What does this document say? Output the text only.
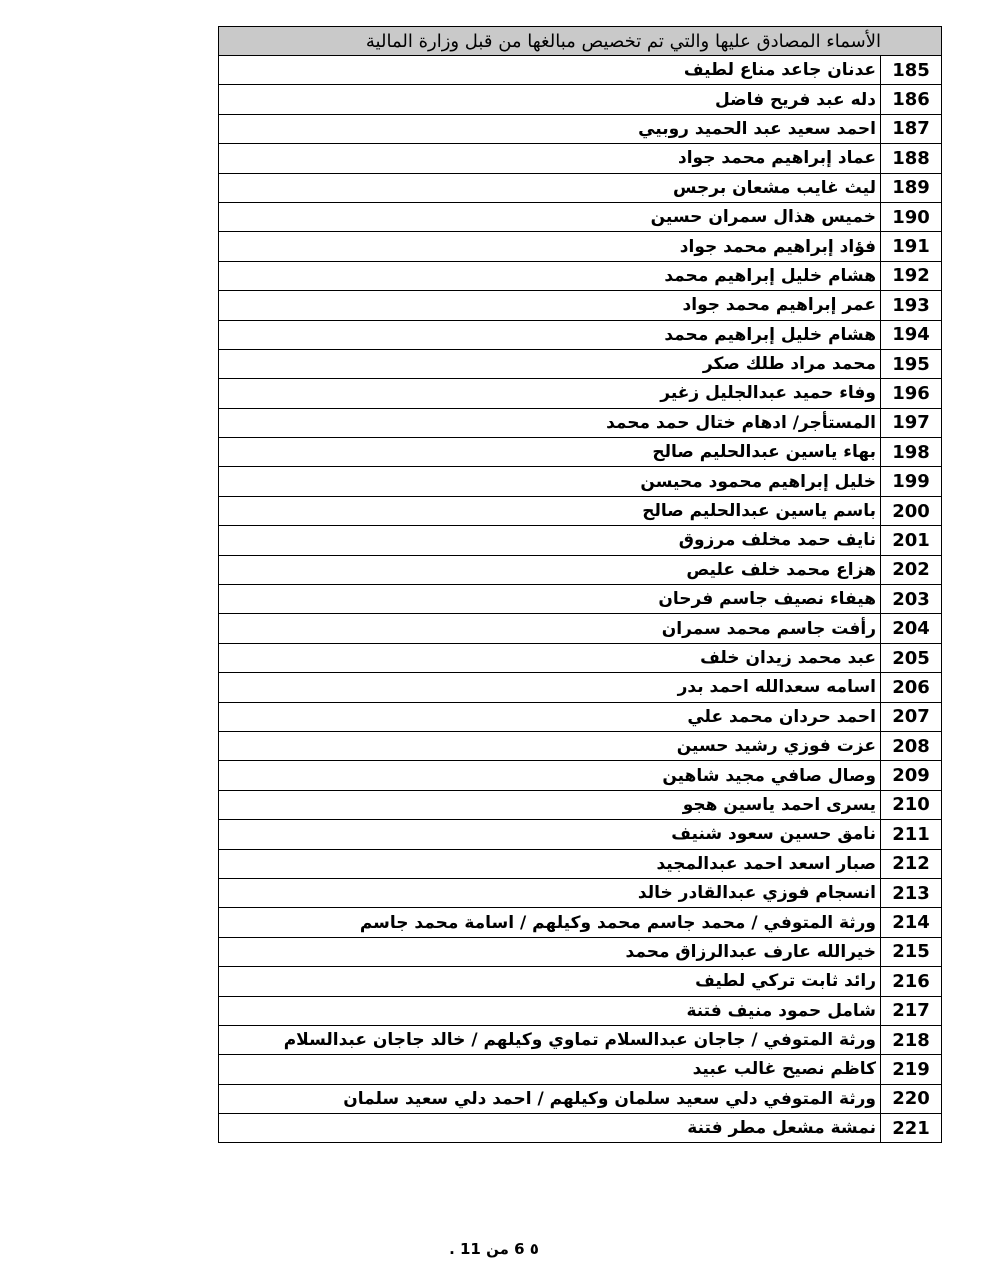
الأسماء المصادق عليها والتي تم تخصيص مبالغها من قبل وزارة المالية	
185	عدنان جاعد مناع لطيف
186	دله عبد فريح فاضل
187	احمد سعيد عبد الحميد روبيي
188	عماد إبراهيم محمد جواد
189	ليث غايب مشعان برجس
190	خميس هذال سمران حسين
191	فؤاد إبراهيم محمد جواد
192	هشام خليل إبراهيم محمد
193	عمر إبراهيم محمد جواد
194	هشام خليل إبراهيم محمد
195	محمد مراد طلك صكر
196	وفاء حميد عبدالجليل زغير
197	المستأجر/ ادهام ختال حمد محمد
198	بهاء ياسين عبدالحليم صالح
199	خليل إبراهيم محمود محيسن
200	باسم ياسين عبدالحليم صالح
201	نايف حمد مخلف مرزوق
202	هزاع محمد خلف عليص
203	هيفاء نصيف جاسم فرحان
204	رأفت جاسم محمد سمران
205	عبد محمد زيدان خلف
206	اسامه سعدالله احمد بدر
207	احمد حردان محمد علي
208	عزت فوزي رشيد حسين
209	وصال صافي مجيد شاهين
210	يسرى احمد ياسين هجو
211	نامق حسين سعود شنيف
212	صبار اسعد احمد عبدالمجيد
213	انسجام فوزي عبدالقادر خالد
214	ورثة المتوفي / محمد جاسم محمد وكيلهم / اسامة محمد جاسم
215	خيرالله عارف عبدالرزاق محمد
216	رائد ثابت تركي لطيف
217	شامل حمود منيف فتنة
218	ورثة المتوفي / جاجان عبدالسلام تماوي وكيلهم / خالد جاجان عبدالسلام
219	كاظم نصيح غالب عبيد
220	ورثة المتوفي دلي سعيد سلمان وكيلهم / احمد دلي سعيد سلمان
221	نمشة مشعل مطر فتنة
٥ 6 من 11 .
